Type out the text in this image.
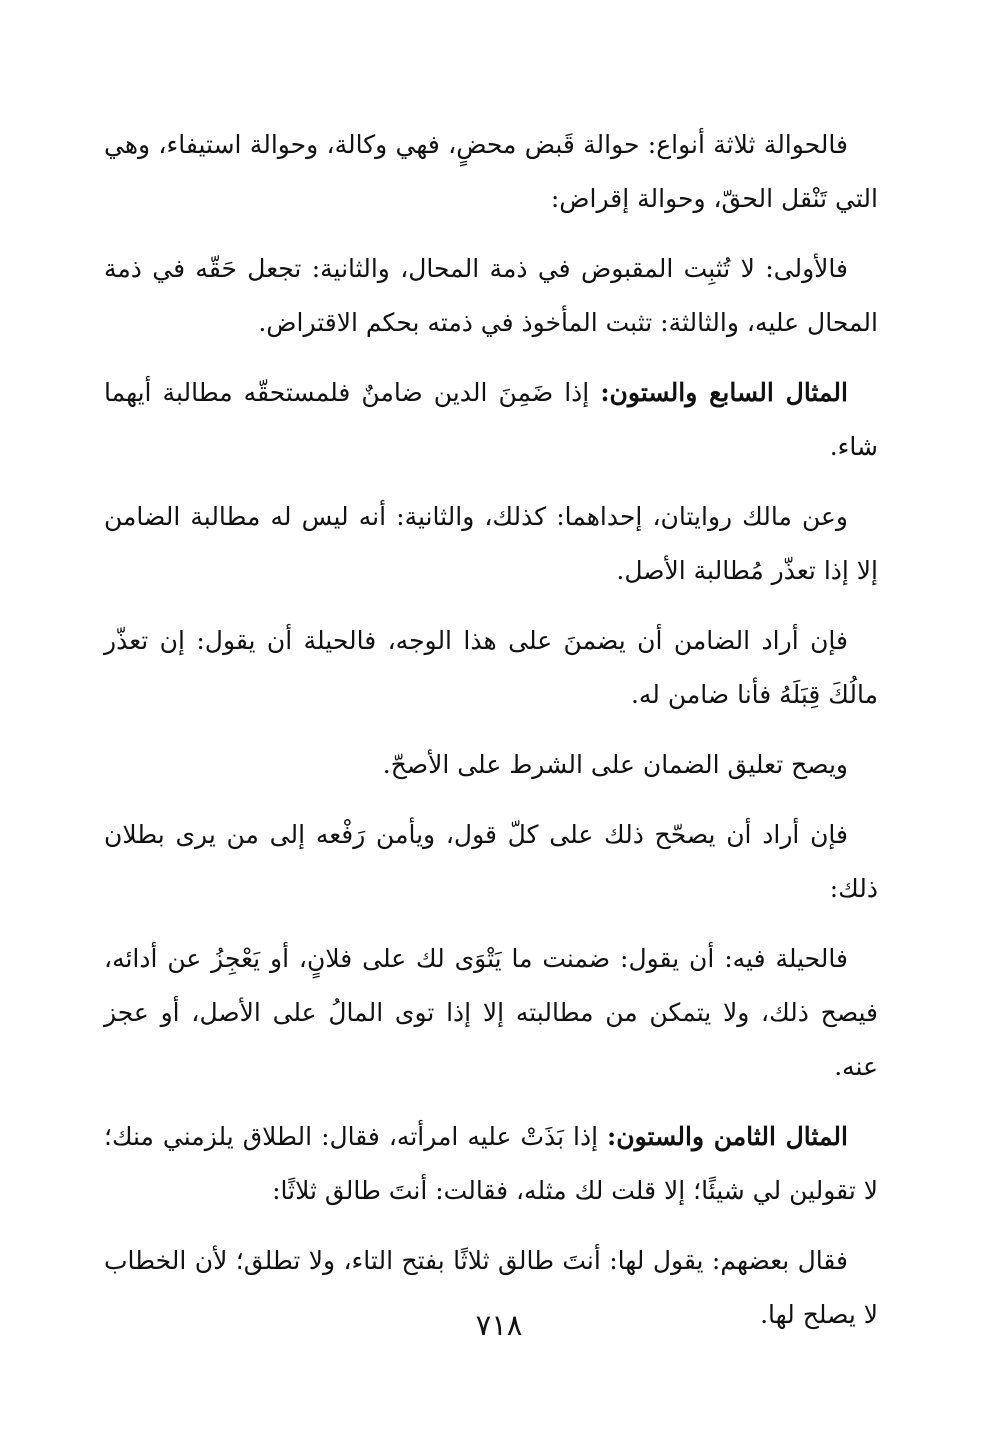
فالحوالة ثلاثة أنواع: حوالة قَبض محضٍ، فهي وكالة، وحوالة استيفاء، وهي التي تَنْقل الحقّ، وحوالة إقراض:

فالأولى: لا تُثبِت المقبوض في ذمة المحال، والثانية: تجعل حَقّه في ذمة المحال عليه، والثالثة: تثبت المأخوذ في ذمته بحكم الاقتراض.

المثال السابع والستون: إذا ضَمِنَ الدين ضامنٌ فلمستحقّه مطالبة أيهما شاء.

وعن مالك روايتان، إحداهما: كذلك، والثانية: أنه ليس له مطالبة الضامن إلا إذا تعذّر مُطالبة الأصل.

فإن أراد الضامن أن يضمنَ على هذا الوجه، فالحيلة أن يقول: إن تعذّر مالُكَ قِبَلَهُ فأنا ضامن له.

ويصح تعليق الضمان على الشرط على الأصحّ.

فإن أراد أن يصحّح ذلك على كلّ قول، ويأمن رَفْعه إلى من يرى بطلان ذلك:

فالحيلة فيه: أن يقول: ضمنت ما يَتْوَى لك على فلانٍ، أو يَعْجِزُ عن أدائه، فيصح ذلك، ولا يتمكن من مطالبته إلا إذا توى المالُ على الأصل، أو عجز عنه.

المثال الثامن والستون: إذا بَذَتْ عليه امرأته، فقال: الطلاق يلزمني منك؛ لا تقولين لي شيئًا؛ إلا قلت لك مثله، فقالت: أنتَ طالق ثلاثًا:

فقال بعضهم: يقول لها: أنتَ طالق ثلاثًا بفتح التاء، ولا تطلق؛ لأن الخطاب لا يصلح لها.

٧١٨
